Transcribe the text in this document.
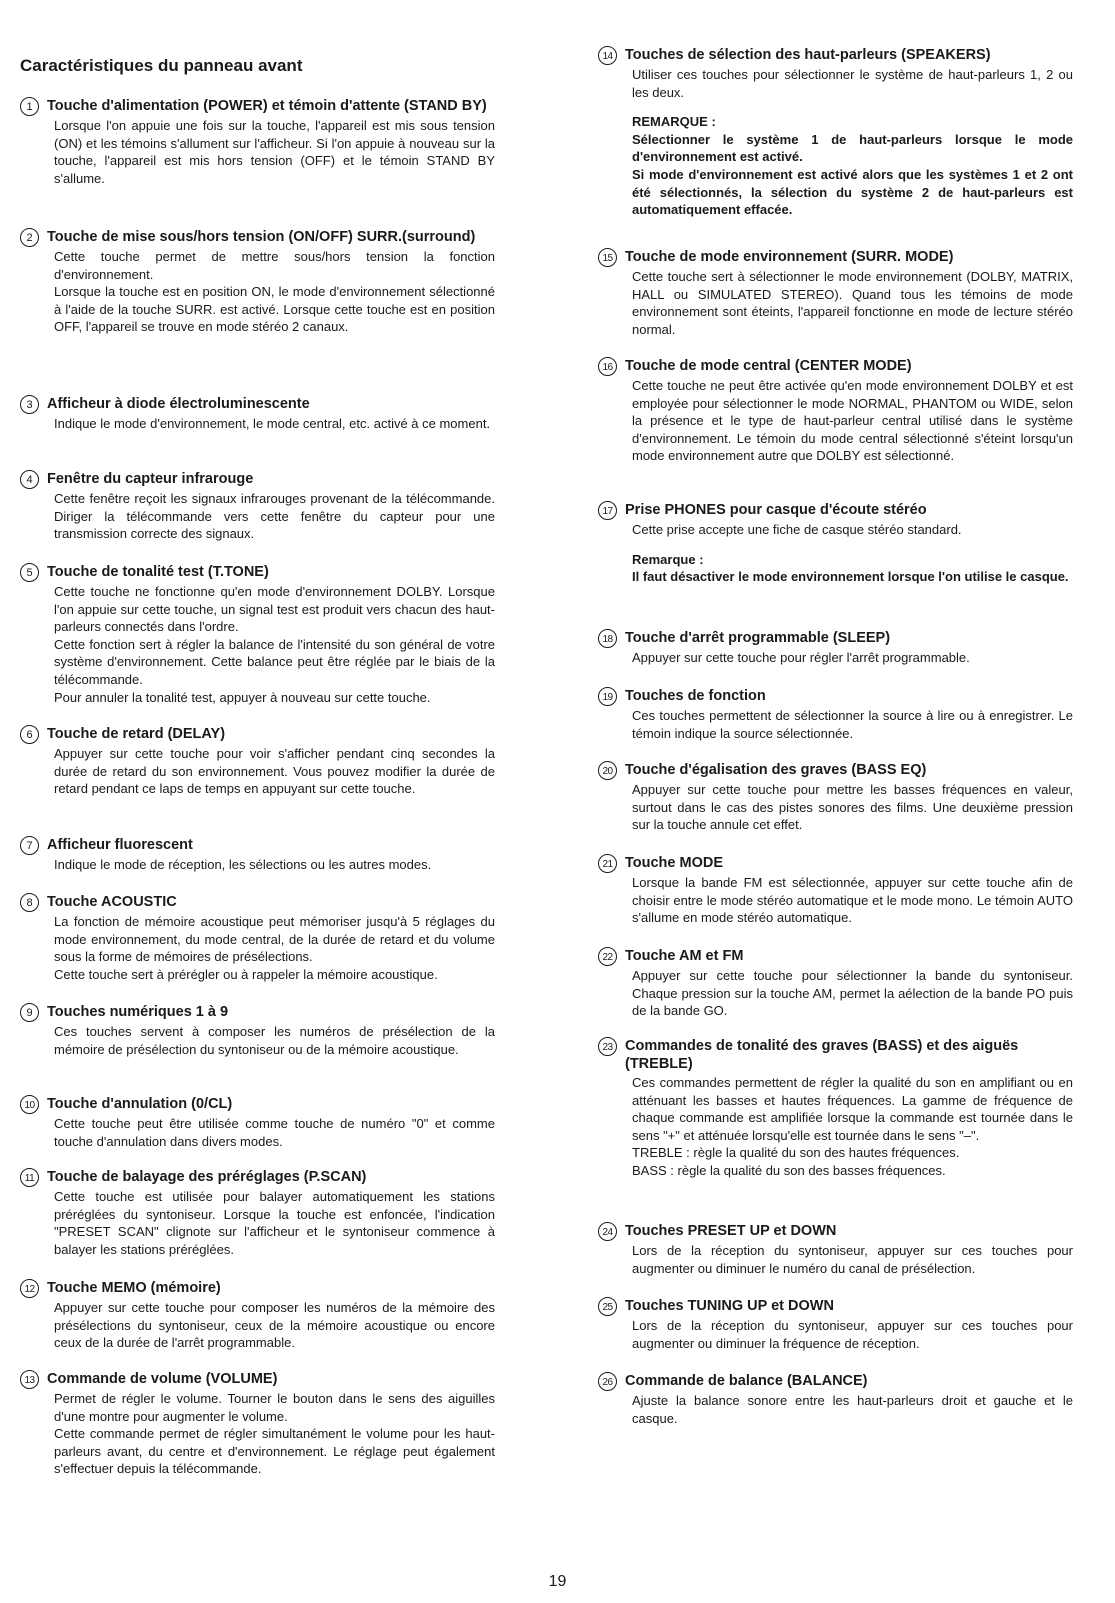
Caractéristiques du panneau avant
1 Touche d'alimentation (POWER) et témoin d'attente (STAND BY)

Lorsque l'on appuie une fois sur la touche, l'appareil est mis sous tension (ON) et les témoins s'allument sur l'afficheur. Si l'on appuie à nouveau sur la touche, l'appareil est mis hors tension (OFF) et le témoin STAND BY s'allume.

2 Touche de mise sous/hors tension (ON/OFF) SURR.(surround)

Cette touche permet de mettre sous/hors tension la fonction d'environnement.

Lorsque la touche est en position ON, le mode d'environnement sélectionné à l'aide de la touche SURR. est activé. Lorsque cette touche est en position OFF, l'appareil se trouve en mode stéréo 2 canaux.

3 Afficheur à diode électroluminescente

Indique le mode d'environnement, le mode central, etc. activé à ce moment.

4 Fenêtre du capteur infrarouge

Cette fenêtre reçoit les signaux infrarouges provenant de la télécommande. Diriger la télécommande vers cette fenêtre du capteur pour une transmission correcte des signaux.

5 Touche de tonalité test (T.TONE)

Cette touche ne fonctionne qu'en mode d'environnement DOLBY. Lorsque l'on appuie sur cette touche, un signal test est produit vers chacun des haut-parleurs connectés dans l'ordre.

Cette fonction sert à régler la balance de l'intensité du son général de votre système d'environnement. Cette balance peut être réglée par le biais de la télécommande.

Pour annuler la tonalité test, appuyer à nouveau sur cette touche.

6 Touche de retard (DELAY)

Appuyer sur cette touche pour voir s'afficher pendant cinq secondes la durée de retard du son environnement. Vous pouvez modifier la durée de retard pendant ce laps de temps en appuyant sur cette touche.

7 Afficheur fluorescent

Indique le mode de réception, les sélections ou les autres modes.

8 Touche ACOUSTIC

La fonction de mémoire acoustique peut mémoriser jusqu'à 5 réglages du mode environnement, du mode central, de la durée de retard et du volume sous la forme de mémoires de présélections.

Cette touche sert à prérégler ou à rappeler la mémoire acoustique.

9 Touches numériques 1 à 9

Ces touches servent à composer les numéros de présélection de la mémoire de présélection du syntoniseur ou de la mémoire acoustique.

10 Touche d'annulation (0/CL)

Cette touche peut être utilisée comme touche de numéro "0" et comme touche d'annulation dans divers modes.

11 Touche de balayage des préréglages (P.SCAN)

Cette touche est utilisée pour balayer automatiquement les stations préréglées du syntoniseur. Lorsque la touche est enfoncée, l'indication "PRESET SCAN" clignote sur l'afficheur et le syntoniseur commence à balayer les stations préréglées.

12 Touche MEMO (mémoire)

Appuyer sur cette touche pour composer les numéros de la mémoire des présélections du syntoniseur, ceux de la mémoire acoustique ou encore ceux de la durée de l'arrêt programmable.

13 Commande de volume (VOLUME)

Permet de régler le volume. Tourner le bouton dans le sens des aiguilles d'une montre pour augmenter le volume.

Cette commande permet de régler simultanément le volume pour les haut-parleurs avant, du centre et d'environnement. Le réglage peut également s'effectuer depuis la télécommande.

14 Touches de sélection des haut-parleurs (SPEAKERS)

Utiliser ces touches pour sélectionner le système de haut-parleurs 1, 2 ou les deux.

REMARQUE :

Sélectionner le système 1 de haut-parleurs lorsque le mode d'environnement est activé.

Si mode d'environnement est activé alors que les systèmes 1 et 2 ont été sélectionnés, la sélection du système 2 de haut-parleurs est automatiquement effacée.

15 Touche de mode environnement (SURR. MODE)

Cette touche sert à sélectionner le mode environnement (DOLBY, MATRIX, HALL ou SIMULATED STEREO). Quand tous les témoins de mode environnement sont éteints, l'appareil fonctionne en mode de lecture stéréo normal.

16 Touche de mode central (CENTER MODE)

Cette touche ne peut être activée qu'en mode environnement DOLBY et est employée pour sélectionner le mode NORMAL, PHANTOM ou WIDE, selon la présence et le type de haut-parleur central utilisé dans le système d'environnement. Le témoin du mode central sélectionné s'éteint lorsqu'un mode environnement autre que DOLBY est sélectionné.

17 Prise PHONES pour casque d'écoute stéréo

Cette prise accepte une fiche de casque stéréo standard.

Remarque :

Il faut désactiver le mode environnement lorsque l'on utilise le casque.

18 Touche d'arrêt programmable (SLEEP)

Appuyer sur cette touche pour régler l'arrêt programmable.

19 Touches de fonction

Ces touches permettent de sélectionner la source à lire ou à enregistrer. Le témoin indique la source sélectionnée.

20 Touche d'égalisation des graves (BASS EQ)

Appuyer sur cette touche pour mettre les basses fréquences en valeur, surtout dans le cas des pistes sonores des films. Une deuxième pression sur la touche annule cet effet.

21 Touche MODE

Lorsque la bande FM est sélectionnée, appuyer sur cette touche afin de choisir entre le mode stéréo automatique et le mode mono. Le témoin AUTO s'allume en mode stéréo automatique.

22 Touche AM et FM

Appuyer sur cette touche pour sélectionner la bande du syntoniseur. Chaque pression sur la touche AM, permet la aélection de la bande PO puis de la bande GO.

23 Commandes de tonalité des graves (BASS) et des aiguës (TREBLE)

Ces commandes permettent de régler la qualité du son en amplifiant ou en atténuant les basses et hautes fréquences. La gamme de fréquence de chaque commande est amplifiée lorsque la commande est tournée dans le sens "+" et atténuée lorsqu'elle est tournée dans le sens "–".

TREBLE : règle la qualité du son des hautes fréquences.

BASS : règle la qualité du son des basses fréquences.

24 Touches PRESET UP et DOWN

Lors de la réception du syntoniseur, appuyer sur ces touches pour augmenter ou diminuer le numéro du canal de présélection.

25 Touches TUNING UP et DOWN

Lors de la réception du syntoniseur, appuyer sur ces touches pour augmenter ou diminuer la fréquence de réception.

26 Commande de balance (BALANCE)

Ajuste la balance sonore entre les haut-parleurs droit et gauche et le casque.

19
